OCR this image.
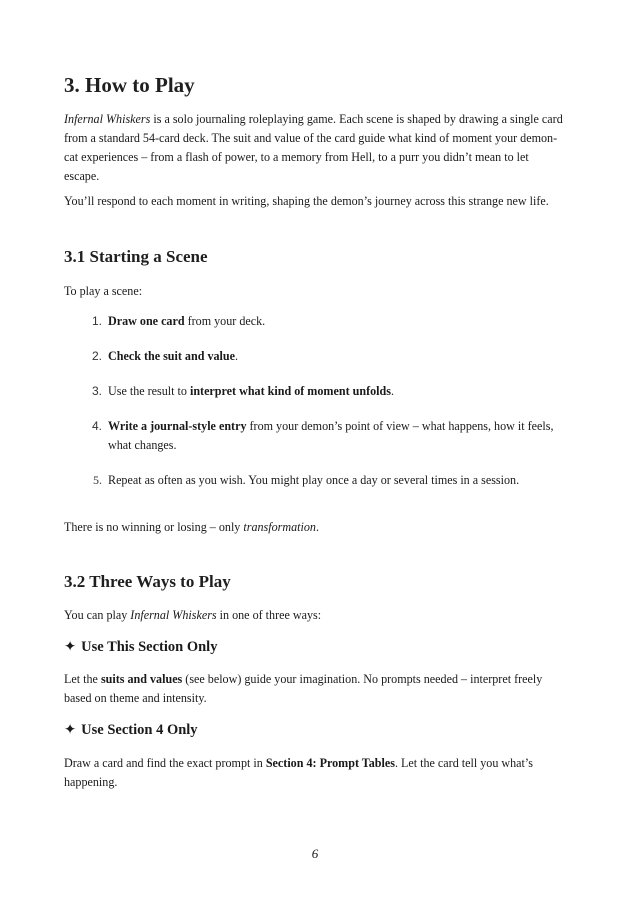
3. How to Play

Infernal Whiskers is a solo journaling roleplaying game. Each scene is shaped by drawing a single card from a standard 54-card deck. The suit and value of the card guide what kind of moment your demon-cat experiences – from a flash of power, to a memory from Hell, to a purr you didn’t mean to let escape.

You’ll respond to each moment in writing, shaping the demon’s journey across this strange new life.

3.1 Starting a Scene

To play a scene:

1. Draw one card from your deck.
2. Check the suit and value.
3. Use the result to interpret what kind of moment unfolds.
4. Write a journal-style entry from your demon’s point of view – what happens, how it feels, what changes.
5. Repeat as often as you wish. You might play once a day or several times in a session.

There is no winning or losing – only transformation.

3.2 Three Ways to Play

You can play Infernal Whiskers in one of three ways:

✦ Use This Section Only

Let the suits and values (see below) guide your imagination. No prompts needed – interpret freely based on theme and intensity.

✦ Use Section 4 Only

Draw a card and find the exact prompt in Section 4: Prompt Tables. Let the card tell you what’s happening.

6
